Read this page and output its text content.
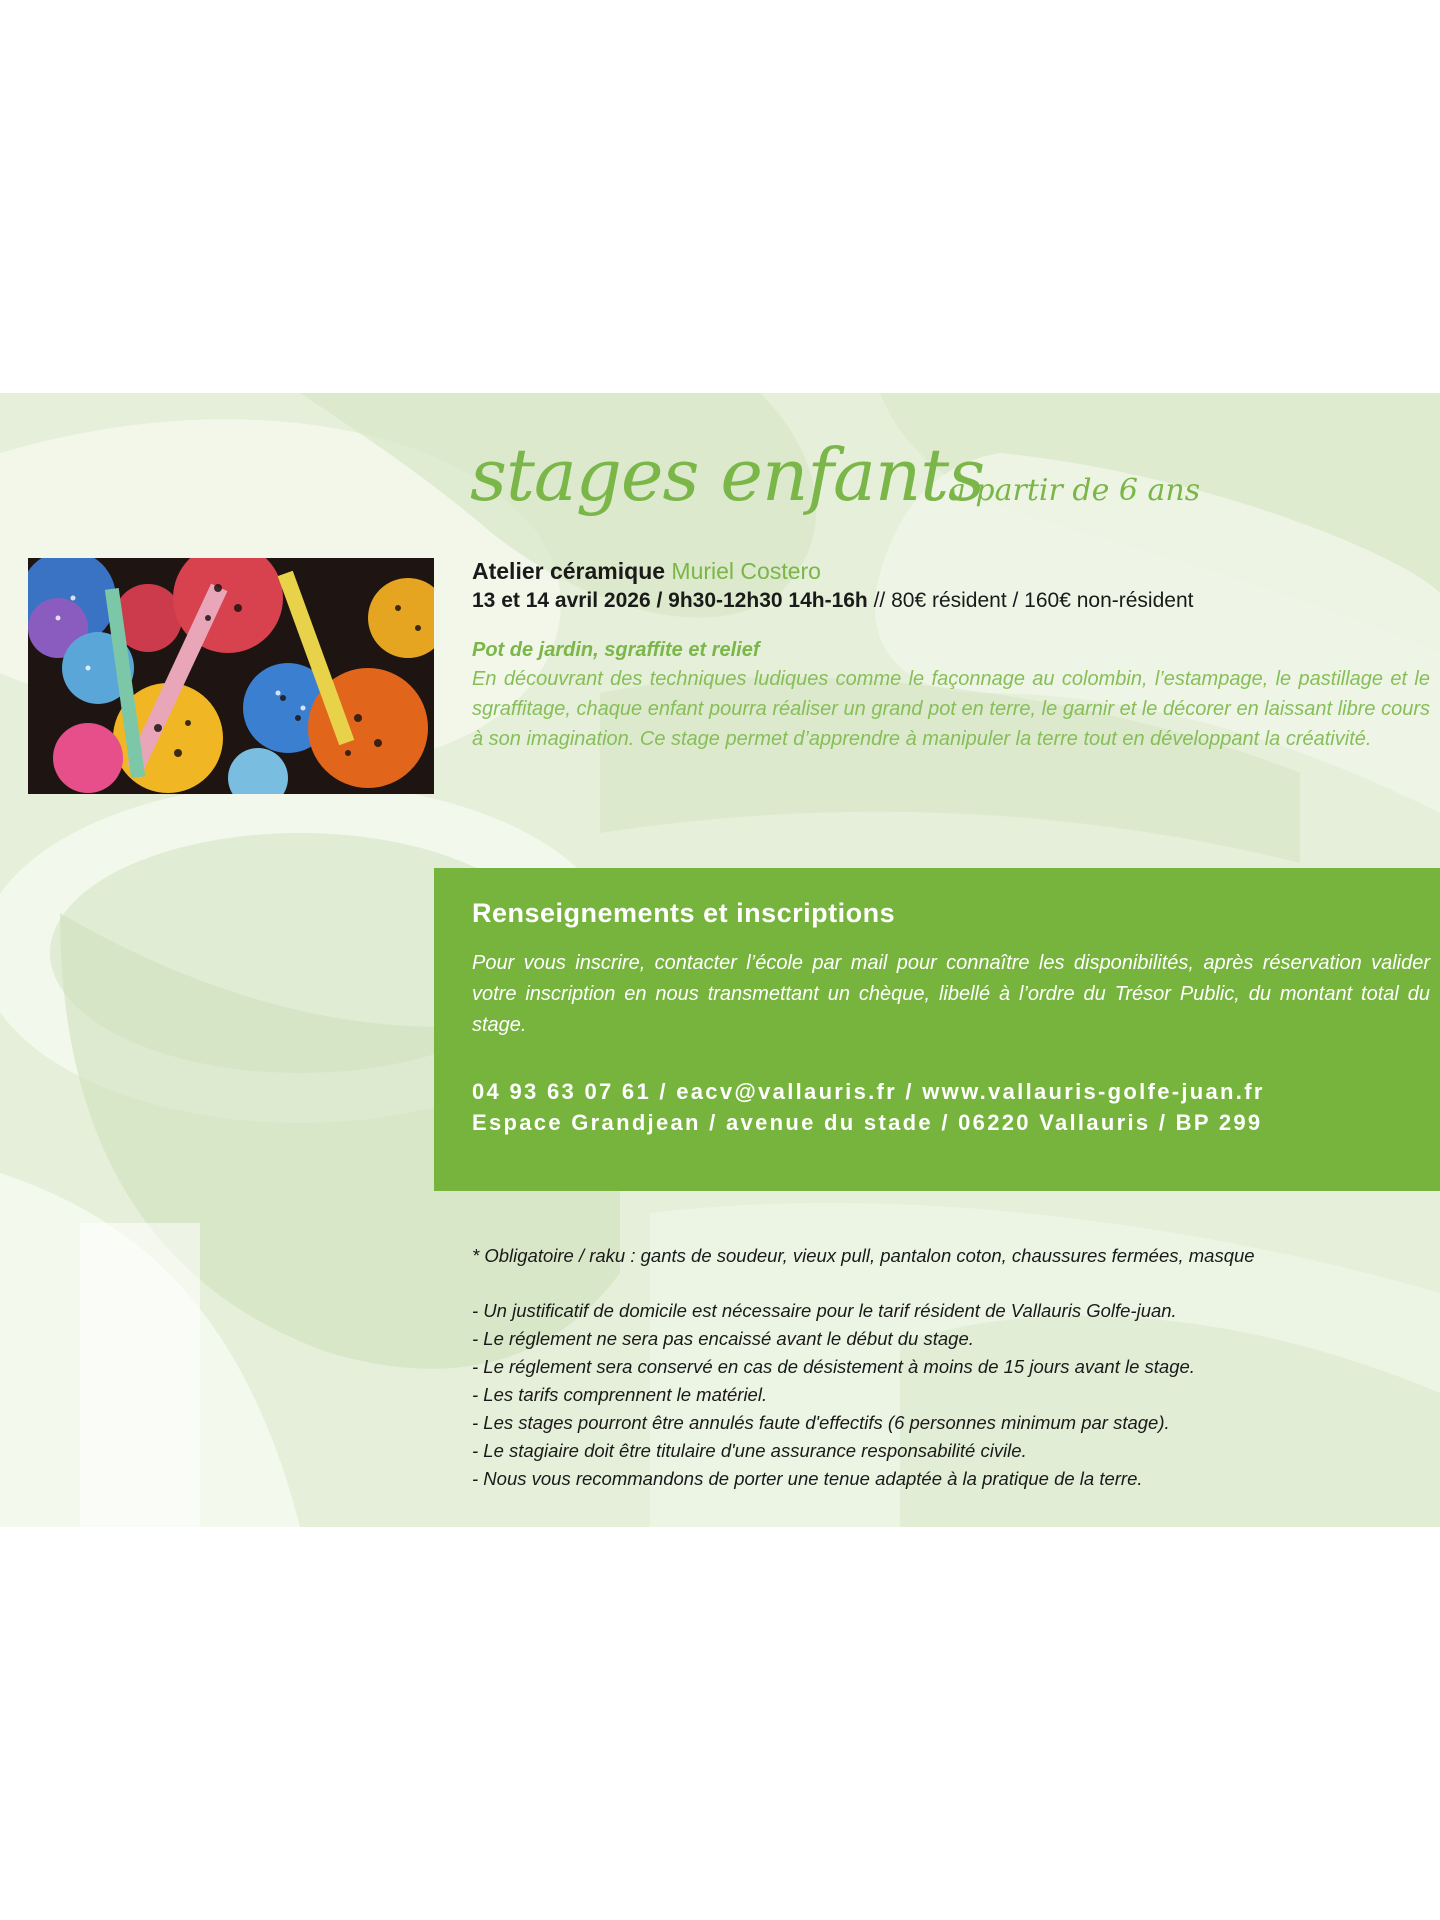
stages enfants
à partir de 6 ans
Atelier céramique Muriel Costero
13 et 14 avril 2026 / 9h30-12h30 14h-16h // 80€ résident / 160€ non-résident
Pot de jardin, sgraffite et relief
En découvrant des techniques ludiques comme le façonnage au colombin, l’estampage, le pastillage et le sgraffitage, chaque enfant pourra réaliser un grand pot en terre, le garnir et le décorer en laissant libre cours à son imagination. Ce stage permet d’apprendre à manipuler la terre tout en développant la créativité.
Renseignements et inscriptions
Pour vous inscrire, contacter l’école par mail pour connaître les disponibilités, après réservation valider votre inscription en nous transmettant un chèque, libellé à l’ordre du Trésor Public, du montant total du stage.
04 93 63 07 61 / eacv@vallauris.fr / www.vallauris-golfe-juan.fr
Espace Grandjean / avenue du stade / 06220 Vallauris / BP 299
* Obligatoire / raku : gants de soudeur, vieux pull, pantalon coton, chaussures fermées, masque
- Un justificatif de domicile est nécessaire pour le tarif résident de Vallauris Golfe-juan.
- Le réglement ne sera pas encaissé avant le début du stage.
- Le réglement sera conservé en cas de désistement à moins de 15 jours avant le stage.
- Les tarifs comprennent le matériel.
- Les stages pourront être annulés faute d'effectifs (6 personnes minimum par stage).
- Le stagiaire doit être titulaire d'une assurance responsabilité civile.
- Nous vous recommandons de porter une tenue adaptée à la pratique de la terre.
